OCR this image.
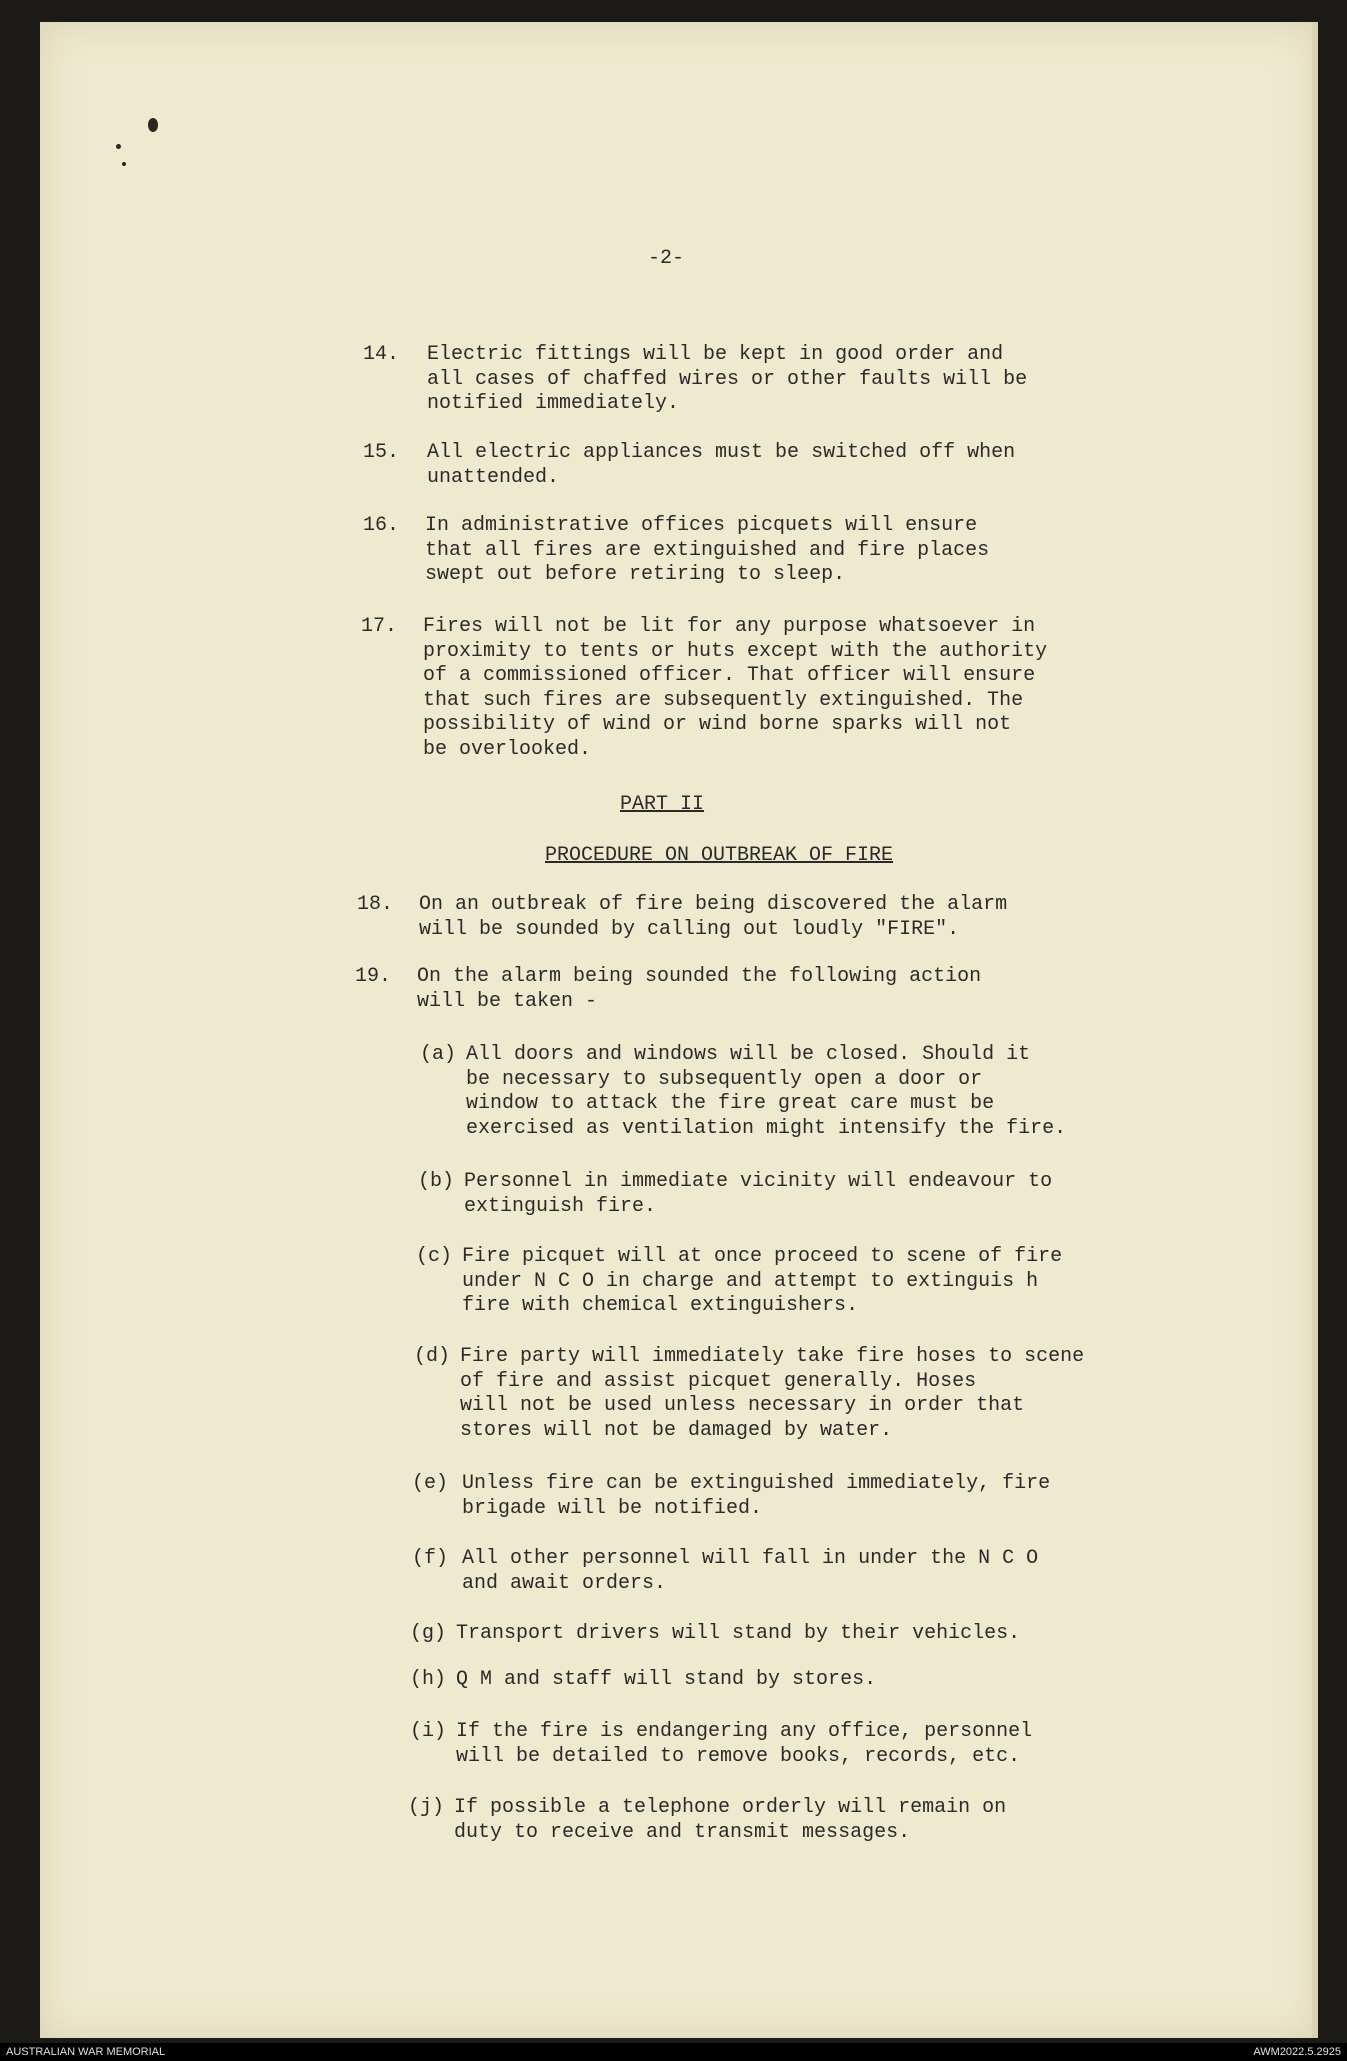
-2-
14.	Electric fittings will be kept in good order and
all cases of chaffed wires or other faults will be
notified immediately.
15.	All electric appliances must be switched off when
unattended.
16.	In administrative offices picquets will ensure
that all fires are extinguished and fire places
swept out before retiring to sleep.
17.	Fires will not be lit for any purpose whatsoever in
proximity to tents or huts except with the authority
of a commissioned officer. That officer will ensure
that such fires are subsequently extinguished. The
possibility of wind or wind borne sparks will not
be overlooked.
PART II
PROCEDURE ON OUTBREAK OF FIRE
18.	On an outbreak of fire being discovered the alarm
will be sounded by calling out loudly "FIRE".
19.	On the alarm being sounded the following action
will be taken -
(a) All doors and windows will be closed. Should it
be necessary to subsequently open a door or
window to attack the fire great care must be
exercised as ventilation might intensify the fire.
(b) Personnel in immediate vicinity will endeavour to
extinguish fire.
(c) Fire picquet will at once proceed to scene of fire
under N C O in charge and attempt to extinguis h
fire with chemical extinguishers.
(d) Fire party will immediately take fire hoses to scene
of fire and assist picquet generally. Hoses
will not be used unless necessary in order that
stores will not be damaged by water.
(e) Unless fire can be extinguished immediately, fire
brigade will be notified.
(f) All other personnel will fall in under the N C O
and await orders.
(g) Transport drivers will stand by their vehicles.
(h) Q M and staff will stand by stores.
(i) If the fire is endangering any office, personnel
will be detailed to remove books, records, etc.
(j) If possible a telephone orderly will remain on
duty to receive and transmit messages.
AUSTRALIAN WAR MEMORIAL	AWM2022.5.2925
